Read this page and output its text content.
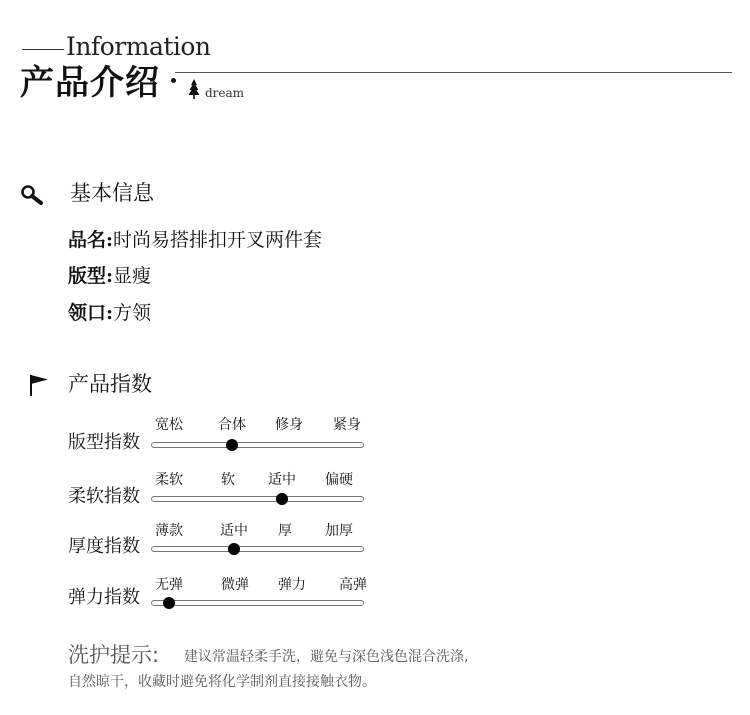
Information
产品介绍	dream
基本信息
品名:时尚易搭排扣开叉两件套
版型:显瘦
领口:方领
产品指数
版型指数
宽松	合体 修身 紧身
柔软指数
柔软	软 适中 偏硬
厚度指数
薄款	适中 厚 加厚
弹力指数
无弹	微弹 弹力 高弹
洗护提示: 建议常温轻柔手洗，避免与深色浅色混合洗涤,
自然晾干，收藏时避免将化学制剂直接接触衣物。
